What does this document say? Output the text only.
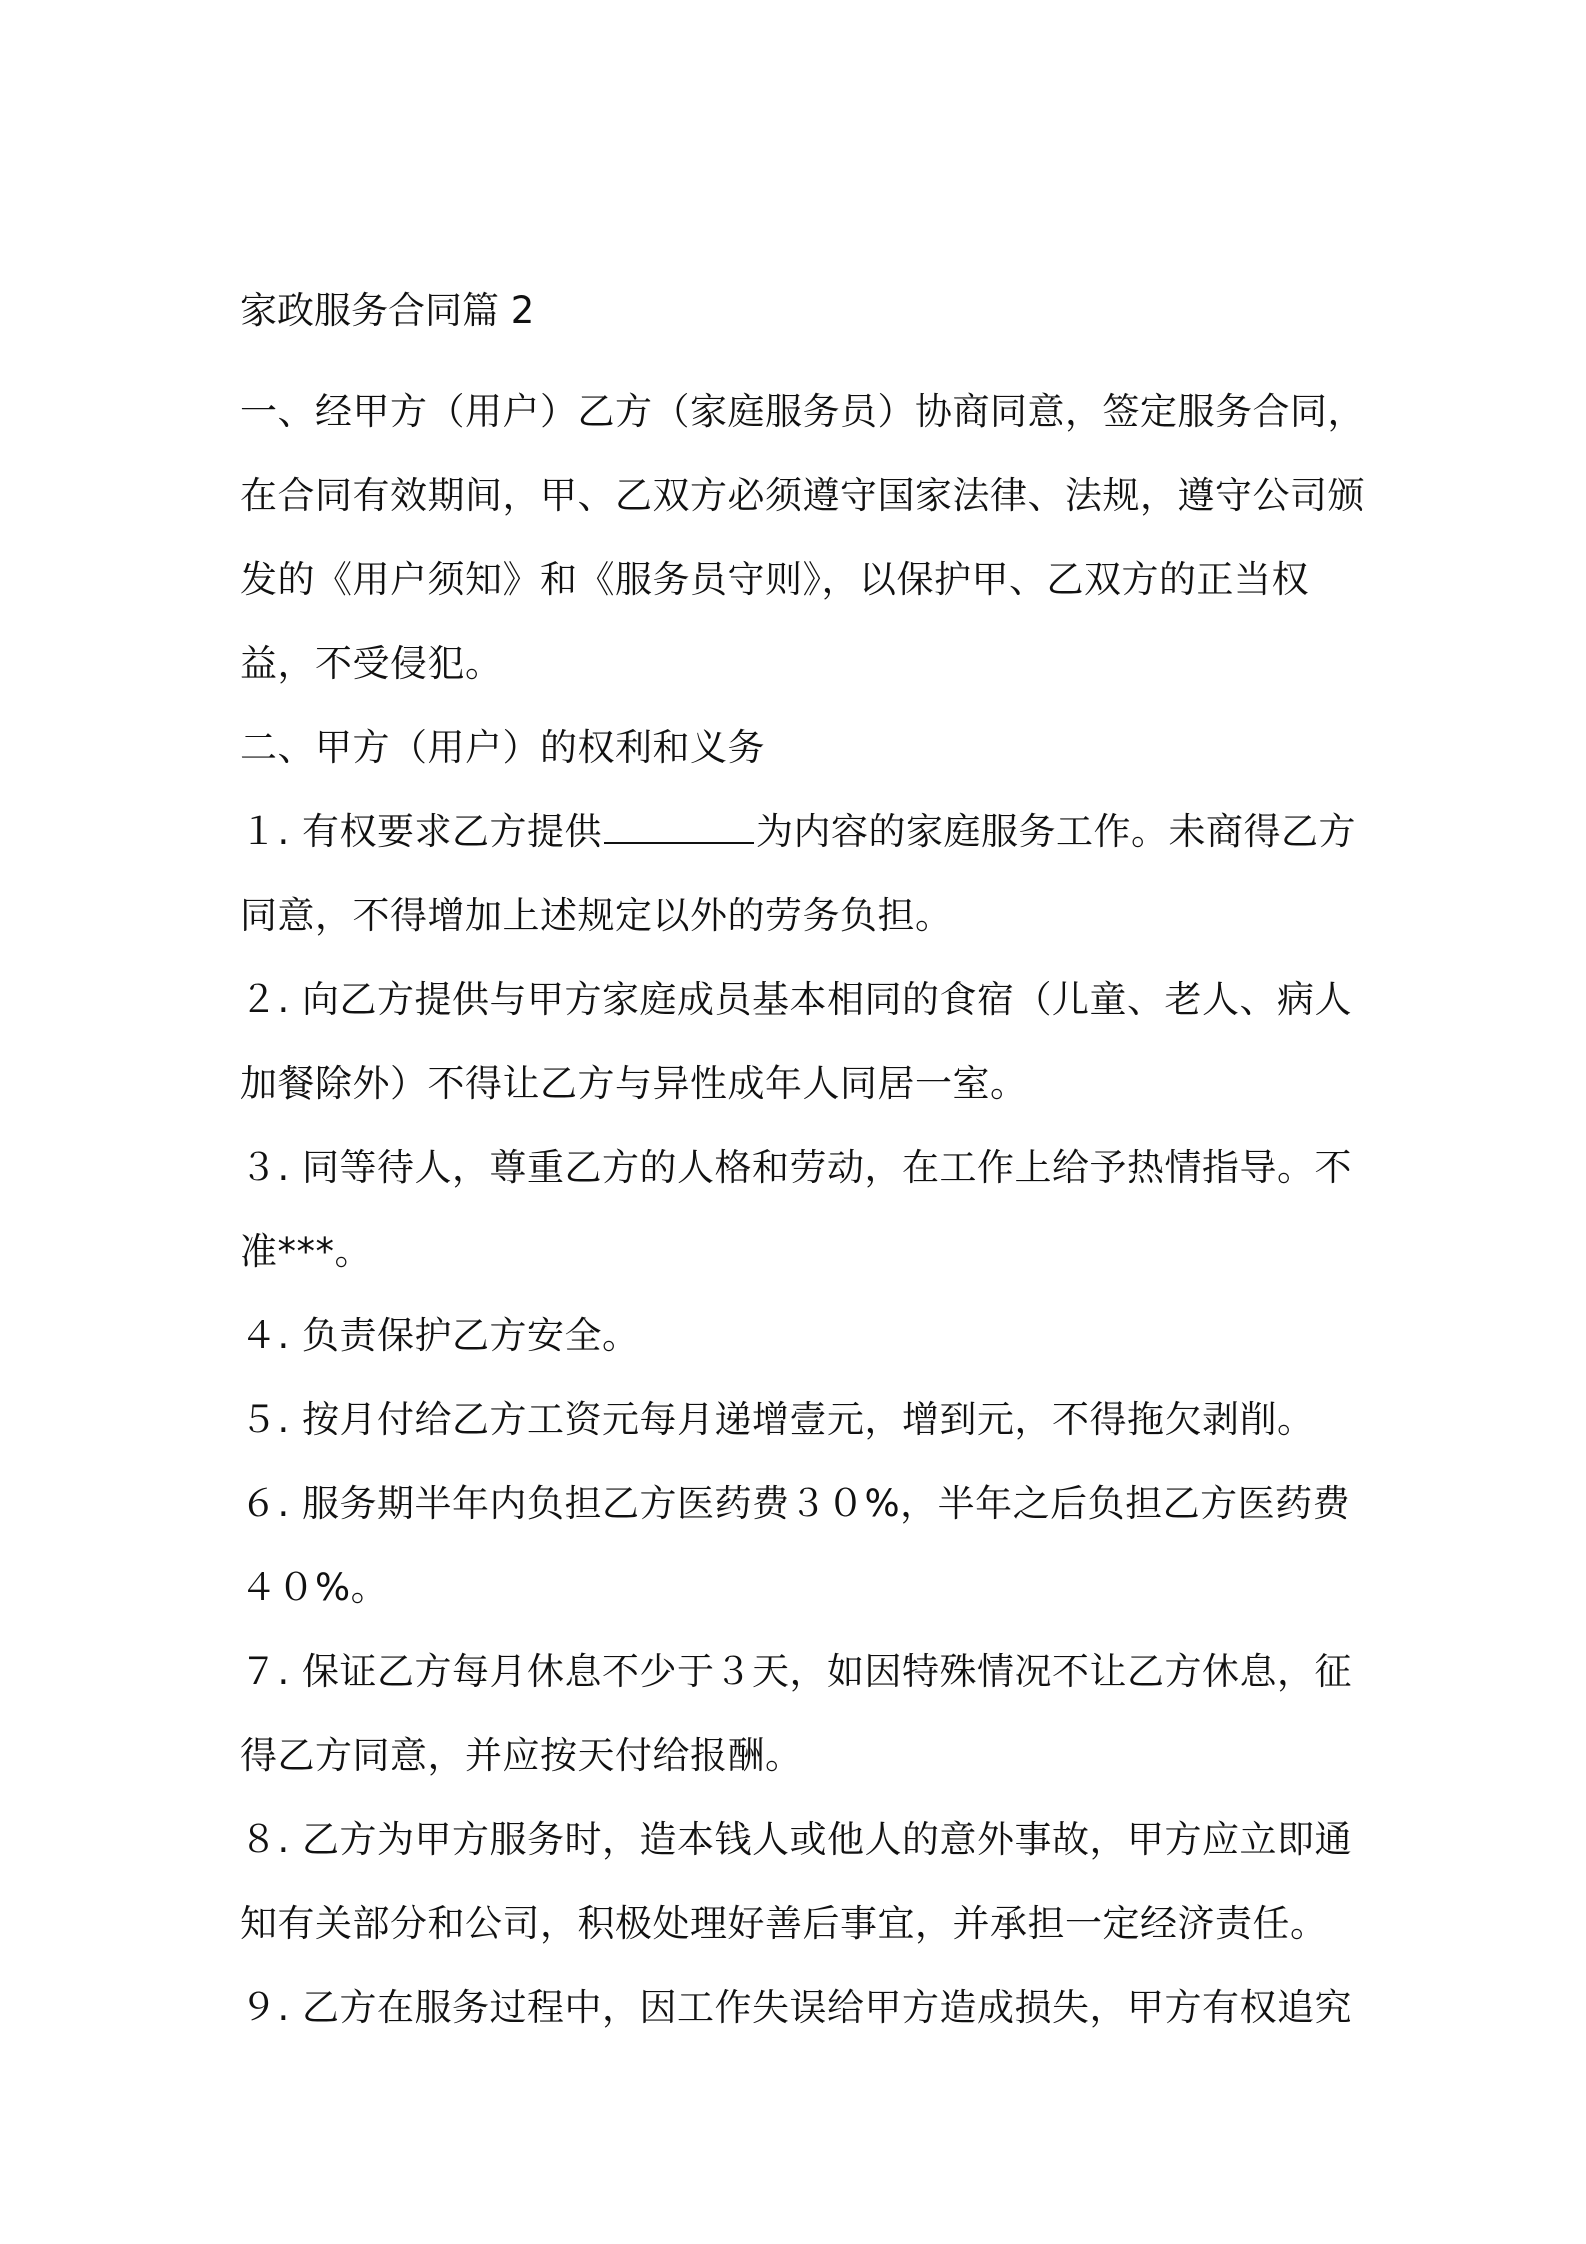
家政服务合同篇 2

一、经甲方（用户）乙方（家庭服务员）协商同意，签定服务合同，在合同有效期间，甲、乙双方必须遵守国家法律、法规，遵守公司颁发的《用户须知》和《服务员守则》，以保护甲、乙双方的正当权益，不受侵犯。

二、甲方（用户）的权利和义务

１. 有权要求乙方提供	为内容的家庭服务工作。未商得乙方同意，不得增加上述规定以外的劳务负担。

２. 向乙方提供与甲方家庭成员基本相同的食宿（儿童、老人、病人加餐除外）不得让乙方与异性成年人同居一室。

３. 同等待人，尊重乙方的人格和劳动，在工作上给予热情指导。不准***。

４. 负责保护乙方安全。

５. 按月付给乙方工资元每月递增壹元，增到元，不得拖欠剥削。

６. 服务期半年内负担乙方医药费３０%，半年之后负担乙方医药费４０%。

７. 保证乙方每月休息不少于３天，如因特殊情况不让乙方休息，征得乙方同意，并应按天付给报酬。

８. 乙方为甲方服务时，造本钱人或他人的意外事故，甲方应立即通知有关部分和公司，积极处理好善后事宜，并承担一定经济责任。

９. 乙方在服务过程中，因工作失误给甲方造成损失，甲方有权追究
